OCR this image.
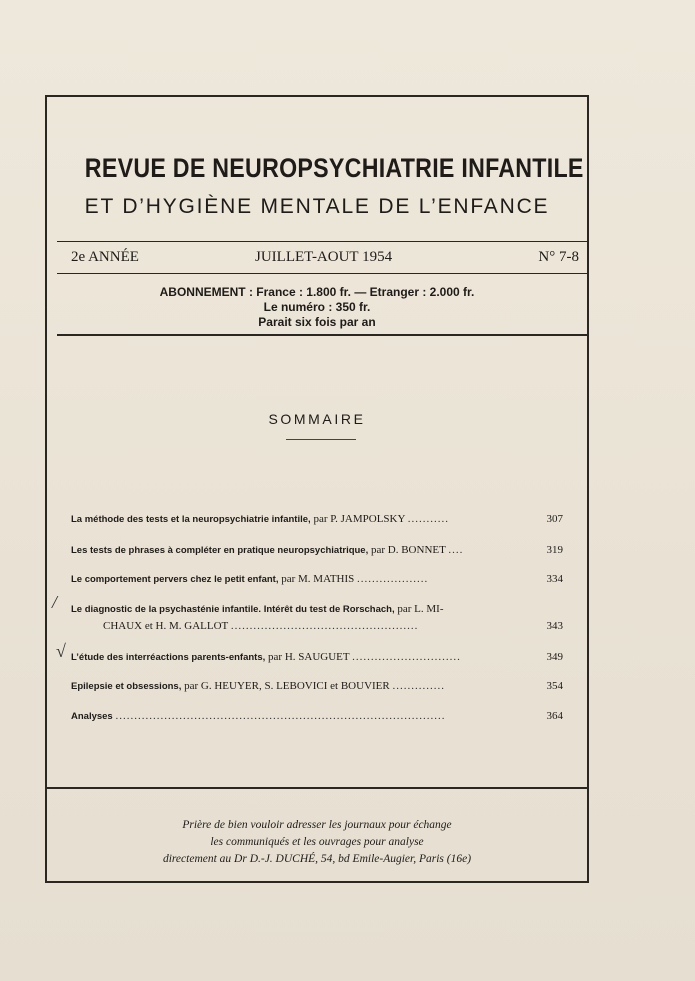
REVUE DE NEUROPSYCHIATRIE INFANTILE
ET D’HYGIÈNE MENTALE DE L’ENFANCE
2e ANNÉE	JUILLET-AOUT 1954	N° 7-8
ABONNEMENT : France : 1.800 fr. — Etranger : 2.000 fr.
Le numéro : 350 fr.
Parait six fois par an
SOMMAIRE
La méthode des tests et la neuropsychiatrie infantile, par P. JAMPOLSKY ...........	307
Les tests de phrases à compléter en pratique neuropsychiatrique, par D. BONNET ....	319
Le comportement pervers chez le petit enfant, par M. MATHIS ...................	334
Le diagnostic de la psychasténie infantile. Intérêt du test de Rorschach, par L. MI-
CHAUX et H. M. GALLOT ..................................................	343
L’étude des interréactions parents-enfants, par H. SAUGUET .............................	349
Epilepsie et obsessions, par G. HEUYER, S. LEBOVICI et BOUVIER ..............	354
Analyses ........................................................................................	364
Prière de bien vouloir adresser les journaux pour échange
les communiqués et les ouvrages pour analyse
directement au Dr D.-J. DUCHÉ, 54, bd Emile-Augier, Paris (16e)
/
√
